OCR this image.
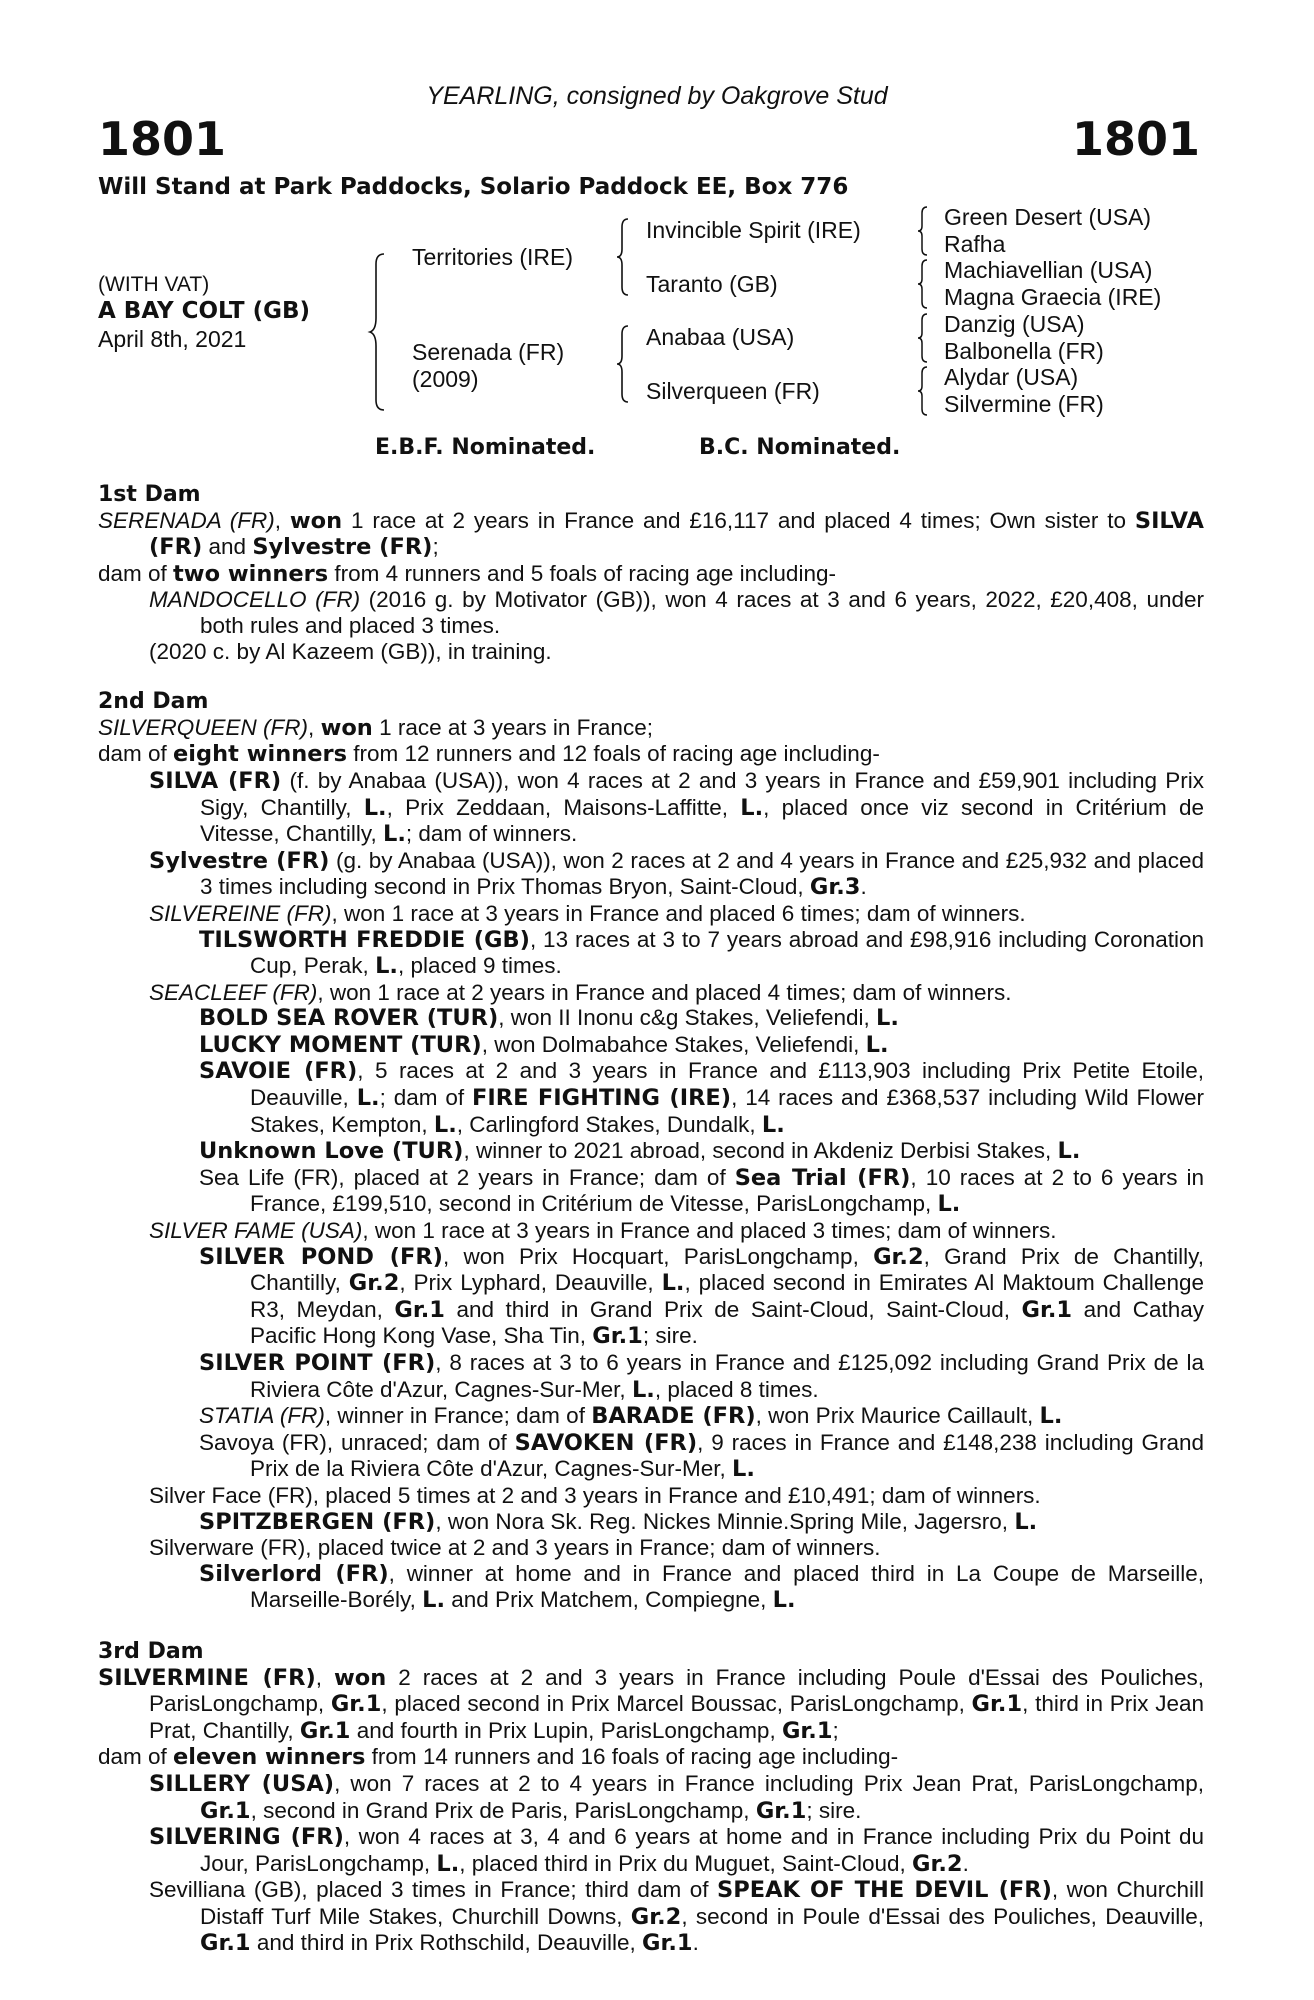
YEARLING, consigned by Oakgrove Stud
1801	1801
Will Stand at Park Paddocks, Solario Paddock EE, Box 776
(WITH VAT)
A BAY COLT (GB)
April 8th, 2021
Territories (IRE)
Serenada (FR)
(2009)
Invincible Spirit (IRE)
Taranto (GB)
Anabaa (USA)
Silverqueen (FR)
Green Desert (USA)
Rafha
Machiavellian (USA)
Magna Graecia (IRE)
Danzig (USA)
Balbonella (FR)
Alydar (USA)
Silvermine (FR)
E.B.F. Nominated.	B.C. Nominated.
1st Dam
SERENADA (FR), won 1 race at 2 years in France and £16,117 and placed 4 times; Own sister to SILVA (FR) and Sylvestre (FR);
dam of two winners from 4 runners and 5 foals of racing age including-
MANDOCELLO (FR) (2016 g. by Motivator (GB)), won 4 races at 3 and 6 years, 2022, £20,408, under both rules and placed 3 times.
(2020 c. by Al Kazeem (GB)), in training.
2nd Dam
SILVERQUEEN (FR), won 1 race at 3 years in France;
dam of eight winners from 12 runners and 12 foals of racing age including-
SILVA (FR) (f. by Anabaa (USA)), won 4 races at 2 and 3 years in France and £59,901 including Prix Sigy, Chantilly, L., Prix Zeddaan, Maisons-Laffitte, L., placed once viz second in Critérium de Vitesse, Chantilly, L.; dam of winners.
Sylvestre (FR) (g. by Anabaa (USA)), won 2 races at 2 and 4 years in France and £25,932 and placed 3 times including second in Prix Thomas Bryon, Saint-Cloud, Gr.3.
SILVEREINE (FR), won 1 race at 3 years in France and placed 6 times; dam of winners.
TILSWORTH FREDDIE (GB), 13 races at 3 to 7 years abroad and £98,916 including Coronation Cup, Perak, L., placed 9 times.
SEACLEEF (FR), won 1 race at 2 years in France and placed 4 times; dam of winners.
BOLD SEA ROVER (TUR), won II Inonu c&g Stakes, Veliefendi, L.
LUCKY MOMENT (TUR), won Dolmabahce Stakes, Veliefendi, L.
SAVOIE (FR), 5 races at 2 and 3 years in France and £113,903 including Prix Petite Etoile, Deauville, L.; dam of FIRE FIGHTING (IRE), 14 races and £368,537 including Wild Flower Stakes, Kempton, L., Carlingford Stakes, Dundalk, L.
Unknown Love (TUR), winner to 2021 abroad, second in Akdeniz Derbisi Stakes, L.
Sea Life (FR), placed at 2 years in France; dam of Sea Trial (FR), 10 races at 2 to 6 years in France, £199,510, second in Critérium de Vitesse, ParisLongchamp, L.
SILVER FAME (USA), won 1 race at 3 years in France and placed 3 times; dam of winners.
SILVER POND (FR), won Prix Hocquart, ParisLongchamp, Gr.2, Grand Prix de Chantilly, Chantilly, Gr.2, Prix Lyphard, Deauville, L., placed second in Emirates Al Maktoum Challenge R3, Meydan, Gr.1 and third in Grand Prix de Saint-Cloud, Saint-Cloud, Gr.1 and Cathay Pacific Hong Kong Vase, Sha Tin, Gr.1; sire.
SILVER POINT (FR), 8 races at 3 to 6 years in France and £125,092 including Grand Prix de la Riviera Côte d'Azur, Cagnes-Sur-Mer, L., placed 8 times.
STATIA (FR), winner in France; dam of BARADE (FR), won Prix Maurice Caillault, L.
Savoya (FR), unraced; dam of SAVOKEN (FR), 9 races in France and £148,238 including Grand Prix de la Riviera Côte d'Azur, Cagnes-Sur-Mer, L.
Silver Face (FR), placed 5 times at 2 and 3 years in France and £10,491; dam of winners.
SPITZBERGEN (FR), won Nora Sk. Reg. Nickes Minnie.Spring Mile, Jagersro, L.
Silverware (FR), placed twice at 2 and 3 years in France; dam of winners.
Silverlord (FR), winner at home and in France and placed third in La Coupe de Marseille, Marseille-Borély, L. and Prix Matchem, Compiegne, L.
3rd Dam
SILVERMINE (FR), won 2 races at 2 and 3 years in France including Poule d'Essai des Pouliches, ParisLongchamp, Gr.1, placed second in Prix Marcel Boussac, ParisLongchamp, Gr.1, third in Prix Jean Prat, Chantilly, Gr.1 and fourth in Prix Lupin, ParisLongchamp, Gr.1;
dam of eleven winners from 14 runners and 16 foals of racing age including-
SILLERY (USA), won 7 races at 2 to 4 years in France including Prix Jean Prat, ParisLongchamp, Gr.1, second in Grand Prix de Paris, ParisLongchamp, Gr.1; sire.
SILVERING (FR), won 4 races at 3, 4 and 6 years at home and in France including Prix du Point du Jour, ParisLongchamp, L., placed third in Prix du Muguet, Saint-Cloud, Gr.2.
Sevilliana (GB), placed 3 times in France; third dam of SPEAK OF THE DEVIL (FR), won Churchill Distaff Turf Mile Stakes, Churchill Downs, Gr.2, second in Poule d'Essai des Pouliches, Deauville, Gr.1 and third in Prix Rothschild, Deauville, Gr.1.
